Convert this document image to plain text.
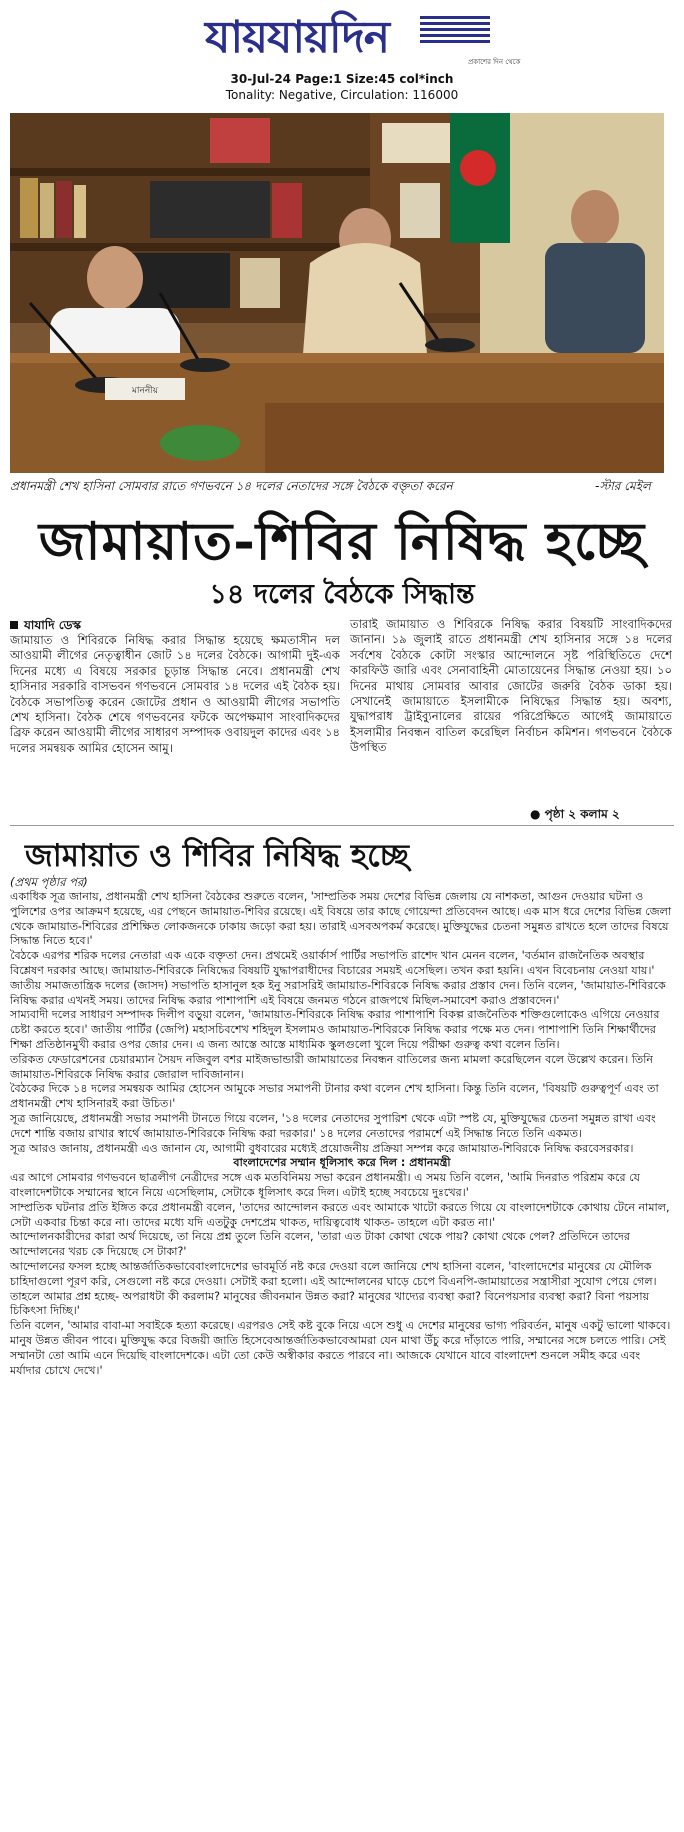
যায়যায়দিন	প্রকাশের দিন থেকে
30-Jul-24 Page:1 Size:45 col*inch
Tonality: Negative, Circulation: 116000
মাননীয়
প্রধানমন্ত্রী শেখ হাসিনা সোমবার রাতে গণভবনে ১৪ দলের নেতাদের সঙ্গে বৈঠকে বক্তৃতা করেন	-স্টার মেইল
জামায়াত-শিবির নিষিদ্ধ হচ্ছে
১৪ দলের বৈঠকে সিদ্ধান্ত
যাযাদি ডেস্ক
জামায়াত ও শিবিরকে নিষিদ্ধ করার সিদ্ধান্ত হয়েছে ক্ষমতাসীন দল আওয়ামী লীগের নেতৃত্বাধীন জোট ১৪ দলের বৈঠকে। আগামী দুই-এক দিনের মধ্যে এ বিষয়ে সরকার চূড়ান্ত সিদ্ধান্ত নেবে। প্রধানমন্ত্রী শেখ হাসিনার সরকারি বাসভবন গণভবনে সোমবার ১৪ দলের এই বৈঠক হয়। বৈঠকে সভাপতিত্ব করেন জোটের প্রধান ও আওয়ামী লীগের সভাপতি শেখ হাসিনা। বৈঠক শেষে গণভবনের ফটকে অপেক্ষমাণ সাংবাদিকদের ব্রিফ করেন আওয়ামী লীগের সাধারণ সম্পাদক ওবায়দুল কাদের এবং ১৪ দলের সমন্বয়ক আমির হোসেন আমু।
তারাই জামায়াত ও শিবিরকে নিষিদ্ধ করার বিষয়টি সাংবাদিকদের জানান। ১৯ জুলাই রাতে প্রধানমন্ত্রী শেখ হাসিনার সঙ্গে ১৪ দলের সর্বশেষ বৈঠকে কোটা সংস্কার আন্দোলনে সৃষ্ট পরিস্থিতিতে দেশে কারফিউ জারি এবং সেনাবাহিনী মোতায়েনের সিদ্ধান্ত নেওয়া হয়। ১০ দিনের মাথায় সোমবার আবার জোটের জরুরি বৈঠক ডাকা হয়। সেখানেই জামায়াতে ইসলামীকে নিষিদ্ধের সিদ্ধান্ত হয়। অবশ্য, যুদ্ধাপরাধ ট্রাইব্যুনালের রায়ের পরিপ্রেক্ষিতে আগেই জামায়াতে ইসলামীর নিবন্ধন বাতিল করেছিল নির্বাচন কমিশন। গণভবনে বৈঠকে উপস্থিত
● পৃষ্ঠা ২ কলাম ২
জামায়াত ও শিবির নিষিদ্ধ হচ্ছে
(প্রথম পৃষ্ঠার পর)

একাধিক সূত্র জানায়, প্রধানমন্ত্রী শেখ হাসিনা বৈঠকের শুরুতে বলেন, 'সাম্প্রতিক সময় দেশের বিভিন্ন জেলায় যে নাশকতা, আগুন দেওয়ার ঘটনা ও পুলিশের ওপর আক্রমণ হয়েছে, এর পেছনে জামায়াত-শিবির রয়েছে। এই বিষয়ে তার কাছে গোয়েন্দা প্রতিবেদন আছে। এক মাস ধরে দেশের বিভিন্ন জেলা থেকে জামায়াত-শিবিরের প্রশিক্ষিত লোকজনকে ঢাকায় জড়ো করা হয়। তারাই এসবঅপকর্ম করেছে। মুক্তিযুদ্ধের চেতনা সমুন্নত রাখতে হলে তাদের বিষয়ে সিদ্ধান্ত নিতে হবে।'

বৈঠকে এরপর শরিক দলের নেতারা এক একে বক্তৃতা দেন। প্রথমেই ওয়ার্কার্স পার্টির সভাপতি রাশেদ খান মেনন বলেন, 'বর্তমান রাজনৈতিক অবস্থার বিশ্লেষণ দরকার আছে। জামায়াত-শিবিরকে নিষিদ্ধের বিষয়টি যুদ্ধাপরাধীদের বিচারের সময়ই এসেছিল। তখন করা হয়নি। এখন বিবেচনায় নেওয়া যায়।'

জাতীয় সমাজতান্ত্রিক দলের (জাসদ) সভাপতি হাসানুল হক ইনু সরাসরিই জামায়াত-শিবিরকে নিষিদ্ধ করার প্রস্তাব দেন। তিনি বলেন, 'জামায়াত-শিবিরকে নিষিদ্ধ করার এখনই সময়। তাদের নিষিদ্ধ করার পাশাপাশি এই বিষয়ে জনমত গঠনে রাজপথে মিছিল-সমাবেশ করাও প্রস্তাবদেন।'

সাম্যবাদী দলের সাধারণ সম্পাদক দিলীপ বড়ুয়া বলেন, 'জামায়াত-শিবিরকে নিষিদ্ধ করার পাশাপাশি বিকল্প রাজনৈতিক শক্তিগুলোকেও এগিয়ে নেওয়ার চেষ্টা করতে হবে।' জাতীয় পার্টির (জেপি) মহাসচিবশেখ শহিদুল ইসলামও জামায়াত-শিবিরকে নিষিদ্ধ করার পক্ষে মত দেন। পাশাপাশি তিনি শিক্ষার্থীদের শিক্ষা প্রতিষ্ঠানমুখী করার ওপর জোর দেন। এ জন্য আস্তে আস্তে মাধ্যমিক স্কুলগুলো খুলে দিয়ে পরীক্ষা গুরুত্ব কথা বলেন তিনি।

তরিকত ফেডারেশনের চেয়ারম্যান সৈয়দ নজিবুল বশর মাইজভান্ডারী জামায়াতের নিবন্ধন বাতিলের জন্য মামলা করেছিলেন বলে উল্লেখ করেন। তিনি জামায়াত-শিবিরকে নিষিদ্ধ করার জোরাল দাবিজানান।

বৈঠকের দিকে ১৪ দলের সমন্বয়ক আমির হোসেন আমুকে সভার সমাপনী টানার কথা বলেন শেখ হাসিনা। কিন্তু তিনি বলেন, 'বিষয়টি গুরুত্বপূর্ণ এবং তা প্রধানমন্ত্রী শেখ হাসিনারই করা উচিত।'

সূত্র জানিয়েছে, প্রধানমন্ত্রী সভার সমাপনী টানতে গিয়ে বলেন, '১৪ দলের নেতাদের সুপারিশ থেকে এটা স্পষ্ট যে, মুক্তিযুদ্ধের চেতনা সমুন্নত রাখা এবং দেশে শান্তি বজায় রাখার স্বার্থে জামায়াত-শিবিরকে নিষিদ্ধ করা দরকার।' ১৪ দলের নেতাদের পরামর্শে এই সিদ্ধান্ত নিতে তিনি একমত।

সূত্র আরও জানায়, প্রধানমন্ত্রী এও জানান যে, আগামী বুধবারের মধ্যেই প্রয়োজনীয় প্রক্রিয়া সম্পন্ন করে জামায়াত-শিবিরকে নিষিদ্ধ করবেসরকার।

বাংলাদেশের সম্মান ধূলিসাৎ করে দিল : প্রধানমন্ত্রী

এর আগে সোমবার গণভবনে ছাত্রলীগ নেত্রীদের সঙ্গে এক মতবিনিময় সভা করেন প্রধানমন্ত্রী। এ সময় তিনি বলেন, 'আমি দিনরাত পরিশ্রম করে যে বাংলাদেশটাকে সম্মানের স্থানে নিয়ে এসেছিলাম, সেটাকে ধূলিসাৎ করে দিল। এটাই হচ্ছে সবচেয়ে দুঃখের।'

সাম্প্রতিক ঘটনার প্রতি ইঙ্গিত করে প্রধানমন্ত্রী বলেন, 'তাদের আন্দোলন করতে এবং আমাকে খাটো করতে গিয়ে যে বাংলাদেশটাকে কোথায় টেনে নামাল, সেটা একবার চিন্তা করে না। তাদের মধ্যে যদি এতটুকু দেশপ্রেম থাকত, দায়িত্ববোধ থাকত- তাহলে এটা করত না।'

আন্দোলনকারীদের কারা অর্থ দিয়েছে, তা নিয়ে প্রশ্ন তুলে তিনি বলেন, 'তারা এত টাকা কোথা থেকে পায়? কোথা থেকে পেল? প্রতিদিনে তাদের আন্দোলনের খরচ কে দিয়েছে সে টাকা?'

আন্দোলনের ফসল হচ্ছে আন্তর্জাতিকভাবেবাংলাদেশের ভাবমূর্তি নষ্ট করে দেওয়া বলে জানিয়ে শেখ হাসিনা বলেন, 'বাংলাদেশের মানুষের যে মৌলিক চাহিদাগুলো পূরণ করি, সেগুলো নষ্ট করে দেওয়া। সেটাই করা হলো। এই আন্দোলনের ঘাড়ে চেপে বিএনপি-জামায়াতের সন্ত্রাসীরা সুযোগ পেয়ে গেল। তাহলে আমার প্রশ্ন হচ্ছে- অপরাধটা কী করলাম? মানুষের জীবনমান উন্নত করা? মানুষের খাদ্যের ব্যবস্থা করা? বিনেপয়সার ব্যবস্থা করা? বিনা পয়সায় চিকিৎসা দিচ্ছি।'

তিনি বলেন, 'আমার বাবা-মা সবাইকে হত্যা করেছে। এরপরও সেই কষ্ট বুকে নিয়ে এসে শুধু এ দেশের মানুষের ভাগ্য পরিবর্তন, মানুষ একটু ভালো থাকবে। মানুষ উন্নত জীবন পাবে। মুক্তিযুদ্ধ করে বিজয়ী জাতি হিসেবেআন্তর্জাতিকভাবেআমরা যেন মাথা উঁচু করে দাঁড়াতে পারি, সম্মানের সঙ্গে চলতে পারি। সেই সম্মানটা তো আমি এনে দিয়েছি বাংলাদেশকে। এটা তো কেউ অস্বীকার করতে পারবে না। আজকে যেখানে যাবে বাংলাদেশ শুনলে সমীহ করে এবং মর্যাদার চোখে দেখে।'
